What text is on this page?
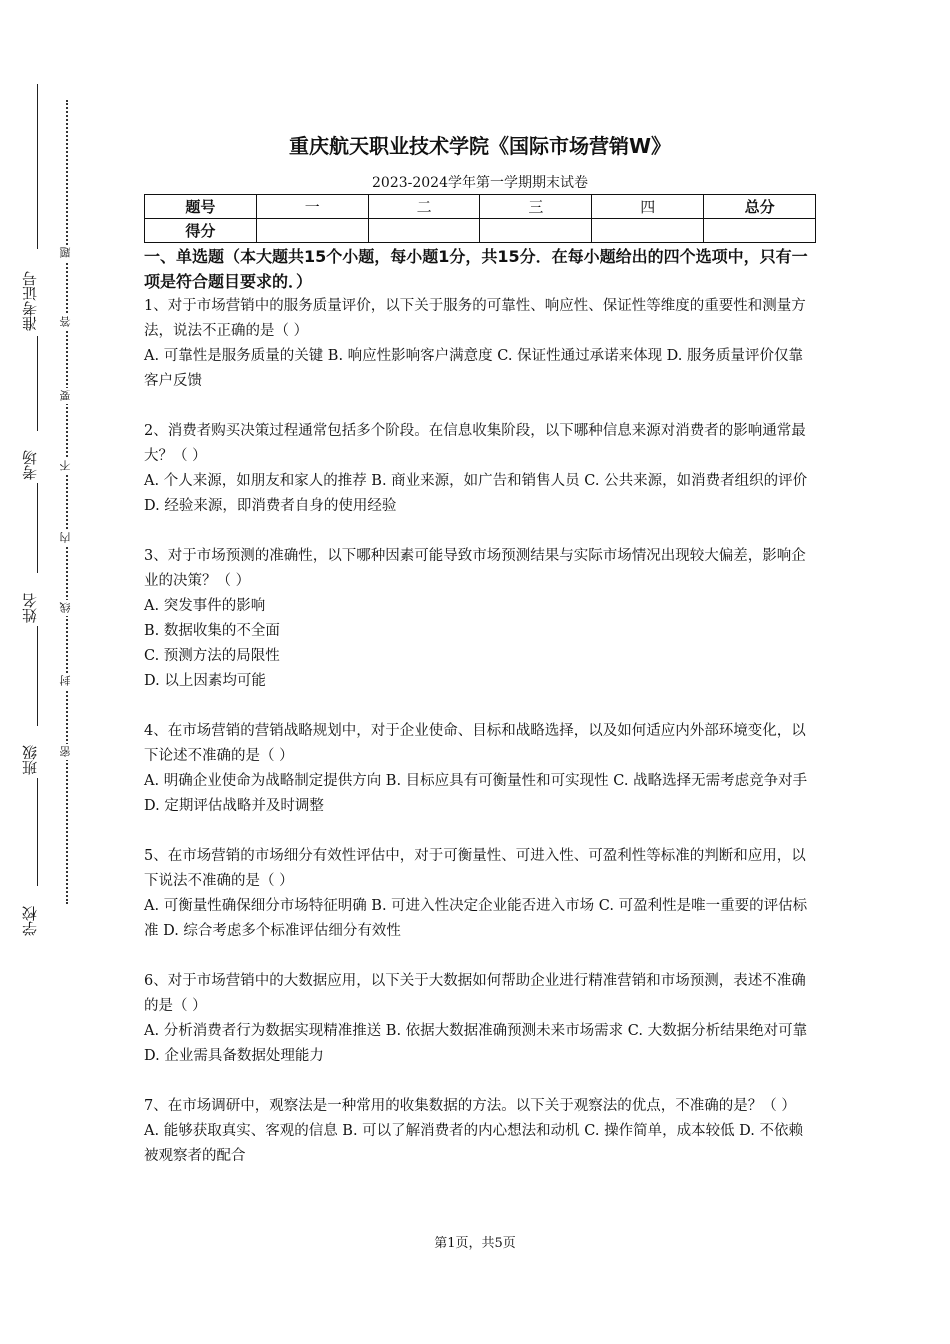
准考证号
考场
姓名
班级
学校
题
答
要
不
内
线
封
密
重庆航天职业技术学院《国际市场营销W》
2023-2024学年第一学期期末试卷
题号	一	二	三	四	总分
得分					
一、单选题（本大题共15个小题，每小题1分，共15分．在每小题给出的四个选项中，只有一项是符合题目要求的．）

1、对于市场营销中的服务质量评价，以下关于服务的可靠性、响应性、保证性等维度的重要性和测量方法，说法不正确的是（ ）

A. 可靠性是服务质量的关键 B. 响应性影响客户满意度 C. 保证性通过承诺来体现 D. 服务质量评价仅靠客户反馈

2、消费者购买决策过程通常包括多个阶段。在信息收集阶段，以下哪种信息来源对消费者的影响通常最大？（ ）

A. 个人来源，如朋友和家人的推荐 B. 商业来源，如广告和销售人员 C. 公共来源，如消费者组织的评价 D. 经验来源，即消费者自身的使用经验

3、对于市场预测的准确性，以下哪种因素可能导致市场预测结果与实际市场情况出现较大偏差，影响企业的决策？（ ）

A. 突发事件的影响

B. 数据收集的不全面

C. 预测方法的局限性

D. 以上因素均可能

4、在市场营销的营销战略规划中，对于企业使命、目标和战略选择，以及如何适应内外部环境变化，以下论述不准确的是（ ）

A. 明确企业使命为战略制定提供方向 B. 目标应具有可衡量性和可实现性 C. 战略选择无需考虑竞争对手 D. 定期评估战略并及时调整

5、在市场营销的市场细分有效性评估中，对于可衡量性、可进入性、可盈利性等标准的判断和应用，以下说法不准确的是（ ）

A. 可衡量性确保细分市场特征明确 B. 可进入性决定企业能否进入市场 C. 可盈利性是唯一重要的评估标准 D. 综合考虑多个标准评估细分有效性

6、对于市场营销中的大数据应用，以下关于大数据如何帮助企业进行精准营销和市场预测，表述不准确的是（ ）

A. 分析消费者行为数据实现精准推送 B. 依据大数据准确预测未来市场需求 C. 大数据分析结果绝对可靠 D. 企业需具备数据处理能力

7、在市场调研中，观察法是一种常用的收集数据的方法。以下关于观察法的优点，不准确的是？（ ）

A. 能够获取真实、客观的信息 B. 可以了解消费者的内心想法和动机 C. 操作简单，成本较低 D. 不依赖被观察者的配合

第1页，共5页
